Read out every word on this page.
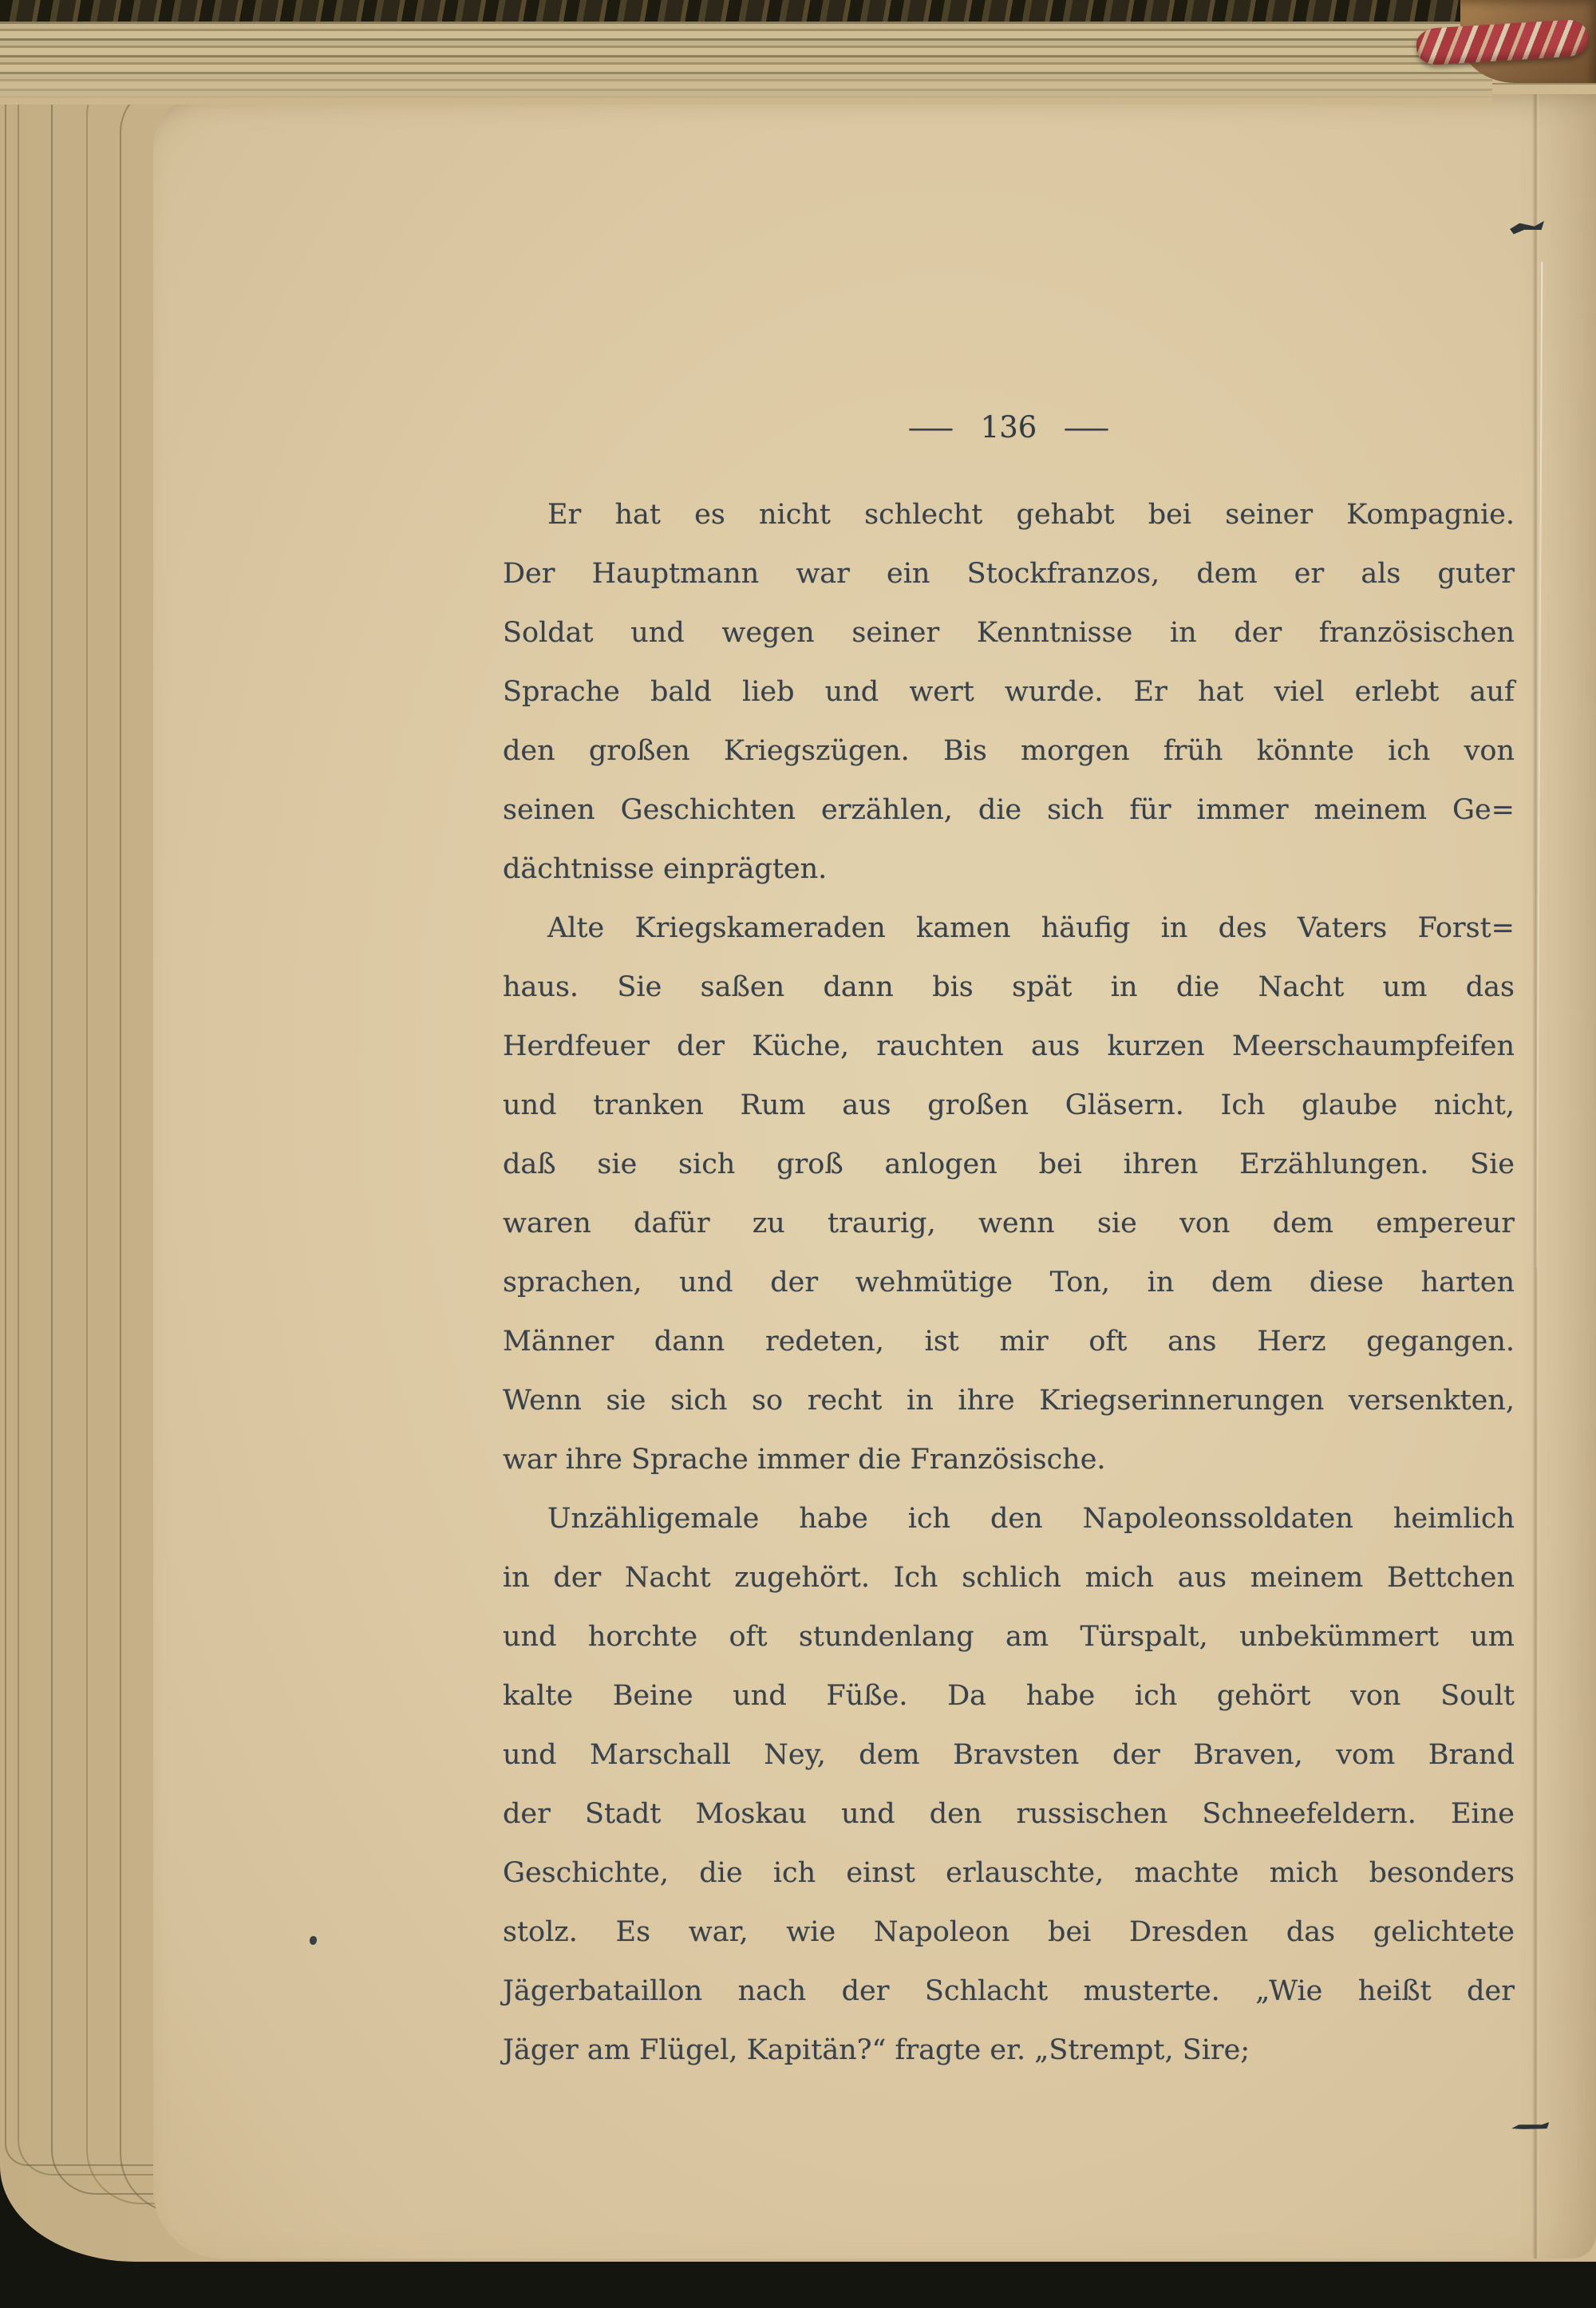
— 136 —
Er hat es nicht schlecht gehabt bei seiner Kompagnie.
Der Hauptmann war ein Stockfranzos, dem er als guter
Soldat und wegen seiner Kenntnisse in der französischen
Sprache bald lieb und wert wurde. Er hat viel erlebt auf
den großen Kriegszügen. Bis morgen früh könnte ich von
seinen Geschichten erzählen, die sich für immer meinem Ge=
dächtnisse einprägten.
Alte Kriegskameraden kamen häufig in des Vaters Forst=
haus. Sie saßen dann bis spät in die Nacht um das
Herdfeuer der Küche, rauchten aus kurzen Meerschaumpfeifen
und tranken Rum aus großen Gläsern. Ich glaube nicht,
daß sie sich groß anlogen bei ihren Erzählungen. Sie
waren dafür zu traurig, wenn sie von dem empereur
sprachen, und der wehmütige Ton, in dem diese harten
Männer dann redeten, ist mir oft ans Herz gegangen.
Wenn sie sich so recht in ihre Kriegserinnerungen versenkten,
war ihre Sprache immer die Französische.
Unzähligemale habe ich den Napoleonssoldaten heimlich
in der Nacht zugehört. Ich schlich mich aus meinem Bettchen
und horchte oft stundenlang am Türspalt, unbekümmert um
kalte Beine und Füße. Da habe ich gehört von Soult
und Marschall Ney, dem Bravsten der Braven, vom Brand
der Stadt Moskau und den russischen Schneefeldern. Eine
Geschichte, die ich einst erlauschte, machte mich besonders
stolz. Es war, wie Napoleon bei Dresden das gelichtete
Jägerbataillon nach der Schlacht musterte. „Wie heißt der
Jäger am Flügel, Kapitän?“ fragte er. „Strempt, Sire;
